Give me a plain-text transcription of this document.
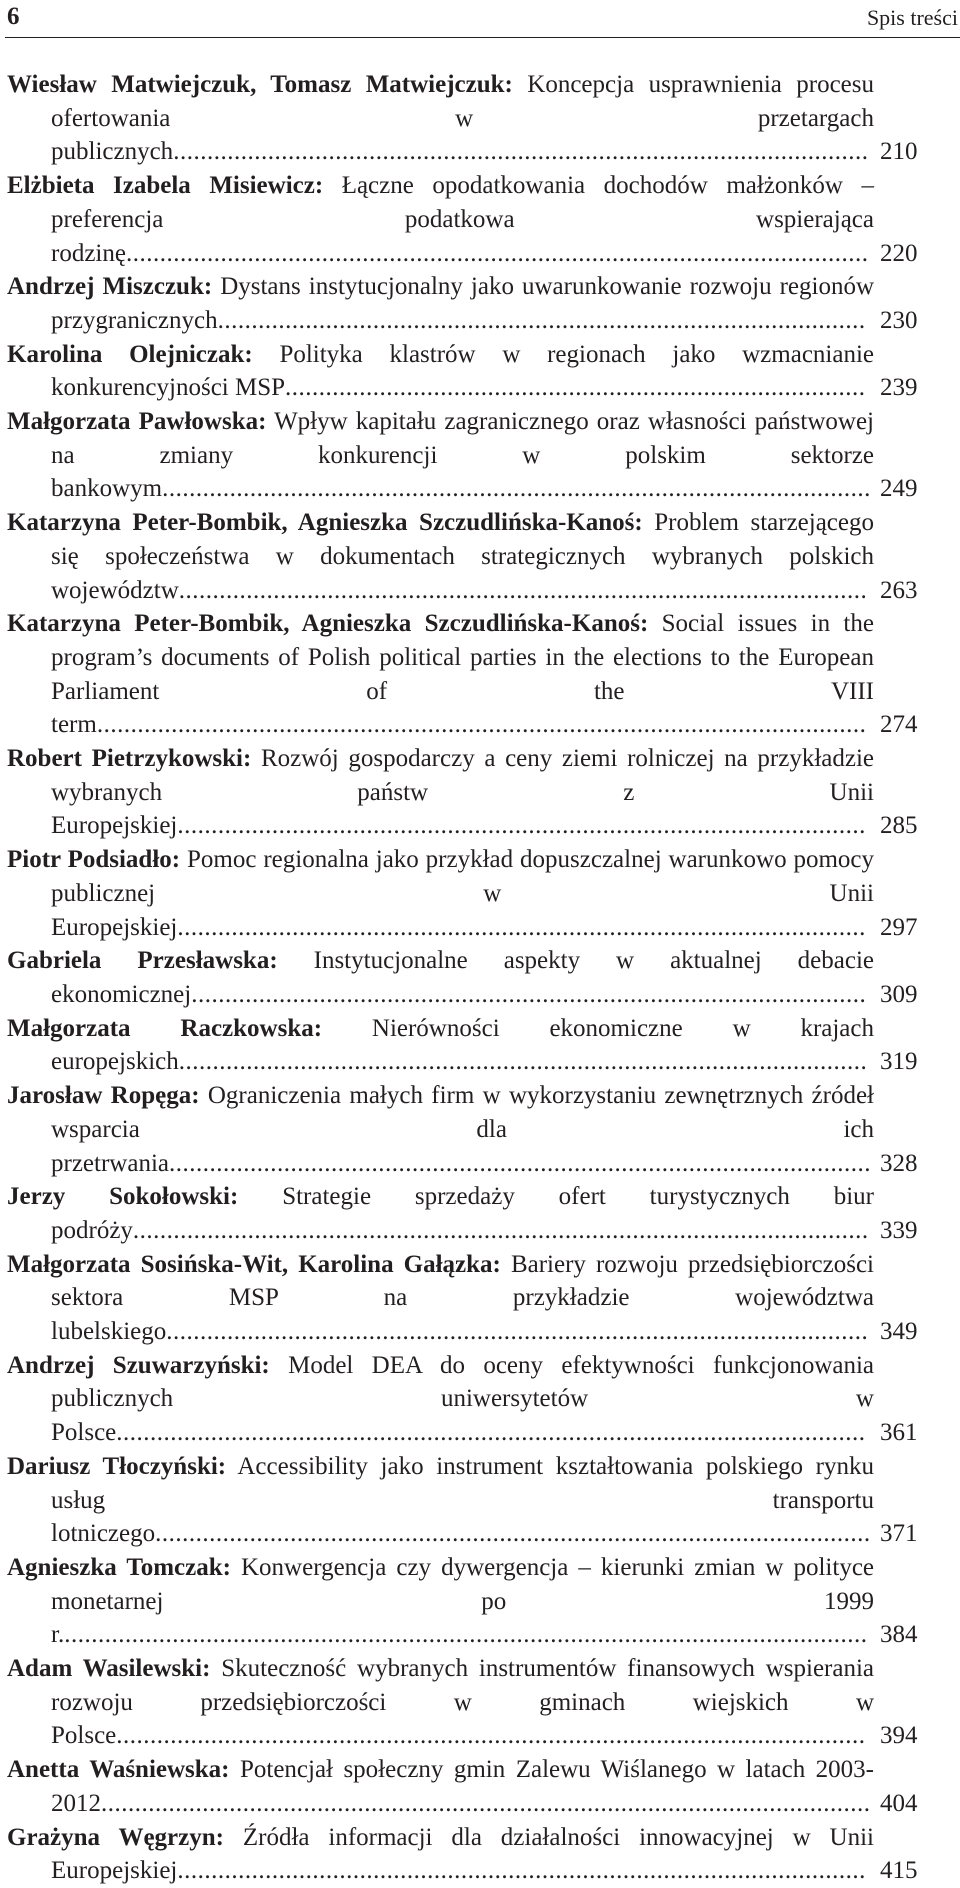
6	Spis treści
Wiesław Matwiejczuk, Tomasz Matwiejczuk: Koncepcja usprawnienia procesu ofertowania w przetargach publicznych....................................................................................................... 210
Elżbieta Izabela Misiewicz: Łączne opodatkowania dochodów małżonków – preferencja podatkowa wspierająca rodzinę.............................................................................................................. 220
Andrzej Miszczuk: Dystans instytucjonalny jako uwarunkowanie rozwoju regionów przygranicznych................................................................................................ 230
Karolina Olejniczak: Polityka klastrów w regionach jako wzmacnianie konkurencyjności MSP...................................................................................... 239
Małgorzata Pawłowska: Wpływ kapitału zagranicznego oraz własności państwowej na zmiany konkurencji w polskim sektorze bankowym......................................................................................................... 249
Katarzyna Peter-Bombik, Agnieszka Szczudlińska-Kanoś: Problem starzejącego się społeczeństwa w dokumentach strategicznych wybranych polskich województw...................................................................................................... 263
Katarzyna Peter-Bombik, Agnieszka Szczudlińska-Kanoś: Social issues in the program’s documents of Polish political parties in the elections to the European Parliament of the VIII term.................................................................................................................. 274
Robert Pietrzykowski: Rozwój gospodarczy a ceny ziemi rolniczej na przykładzie wybranych państw z Unii Europejskiej...................................................................................................... 285
Piotr Podsiadło: Pomoc regionalna jako przykład dopuszczalnej warunkowo pomocy publicznej w Unii Europejskiej...................................................................................................... 297
Gabriela Przesławska: Instytucjonalne aspekty w aktualnej debacie ekonomicznej.................................................................................................... 309
Małgorzata Raczkowska: Nierówności ekonomiczne w krajach europejskich...................................................................................................... 319
Jarosław Ropęga: Ograniczenia małych firm w wykorzystaniu zewnętrznych źródeł wsparcia dla ich przetrwania........................................................................................................ 328
Jerzy Sokołowski: Strategie sprzedaży ofert turystycznych biur podróży............................................................................................................. 339
Małgorzata Sosińska-Wit, Karolina Gałązka: Bariery rozwoju przedsiębiorczości sektora MSP na przykładzie województwa lubelskiego........................................................................................................ 349
Andrzej Szuwarzyński: Model DEA do oceny efektywności funkcjonowania publicznych uniwersytetów w Polsce............................................................................................................... 361
Dariusz Tłoczyński: Accessibility jako instrument kształtowania polskiego rynku usług transportu lotniczego.......................................................................................................... 371
Agnieszka Tomczak: Konwergencja czy dywergencja – kierunki zmian w polityce monetarnej po 1999 r........................................................................................................................ 384
Adam Wasilewski: Skuteczność wybranych instrumentów finansowych wspierania rozwoju przedsiębiorczości w gminach wiejskich w Polsce............................................................................................................... 394
Anetta Waśniewska: Potencjał społeczny gmin Zalewu Wiślanego w latach 2003-2012.................................................................................................................. 404
Grażyna Węgrzyn: Źródła informacji dla działalności innowacyjnej w Unii Europejskiej...................................................................................................... 415
